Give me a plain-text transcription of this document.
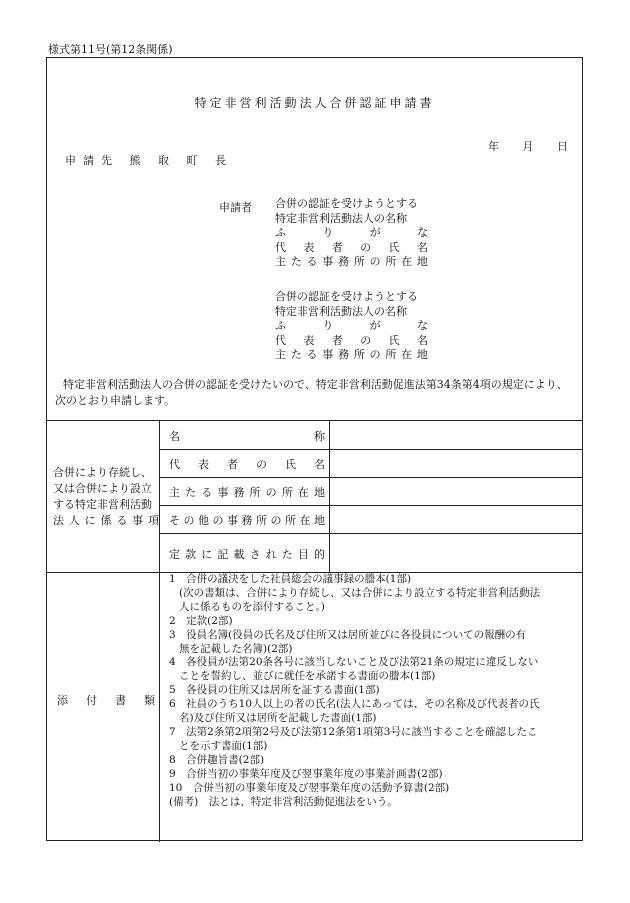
様式第11号(第12条関係)
特定非営利活動法人合併認証申請書
年 月 日
申請先 熊 取 町 長
申請者 合併の認証を受けようとする
特定非営利活動法人の名称
ふ	り	が	な
代 表 者 の 氏 名
主 た る 事 務 所 の 所 在 地
合併の認証を受けようとする
特定非営利活動法人の名称
ふ	り	が	な
代 表 者 の 氏 名
主 た る 事 務 所 の 所 在 地
特定非営利活動法人の合併の認証を受けたいので、特定非営利活動促進法第34条第4項の規定により、次のとおり申請します。
合併により存続し、
又は合併により設立
する特定非営利活動
法 人 に 係 る 事 項
名	称
代 表 者 の 氏 名
主 た る 事 務 所 の 所 在 地
そ の 他 の 事 務 所 の 所 在 地
定 款 に 記 載 さ れ た 目 的
添 付 書 類
1　合併の議決をした社員総会の議事録の謄本(1部)
(次の書類は、合併により存続し、又は合併により設立する特定非営利活動法
人に係るものを添付すること。)
2　定款(2部)
3　役員名簿(役員の氏名及び住所又は居所並びに各役員についての報酬の有
無を記載した名簿)(2部)
4　各役員が法第20条各号に該当しないこと及び法第21条の規定に違反しない
ことを誓約し、並びに就任を承諾する書面の謄本(1部)
5　各役員の住所又は居所を証する書面(1部)
6　社員のうち10人以上の者の氏名(法人にあっては、その名称及び代表者の氏
名)及び住所又は居所を記載した書面(1部)
7　法第2条第2項第2号及び法第12条第1項第3号に該当することを確認したこ
とを示す書面(1部)
8　合併趣旨書(2部)
9　合併当初の事業年度及び翌事業年度の事業計画書(2部)
10　合併当初の事業年度及び翌事業年度の活動予算書(2部)
(備考)　法とは、特定非営利活動促進法をいう。
